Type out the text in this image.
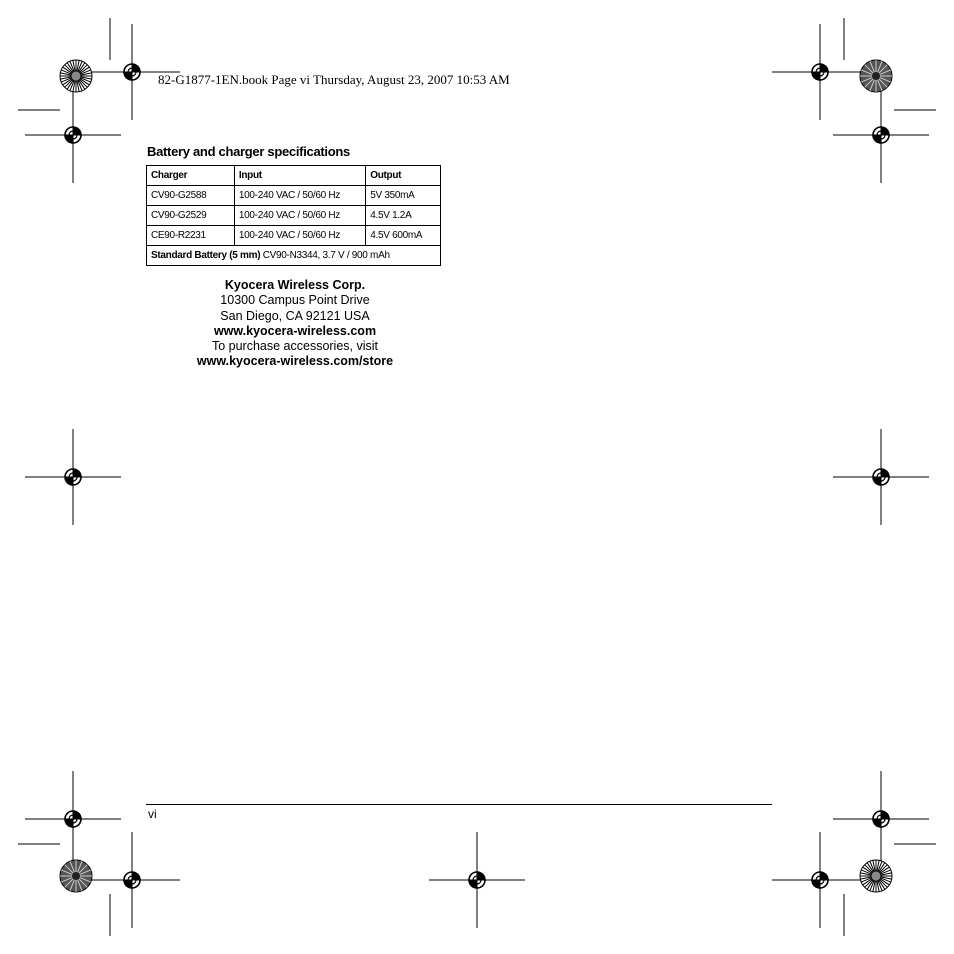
82-G1877-1EN.book Page vi Thursday, August 23, 2007 10:53 AM
Battery and charger specifications
Charger	Input	Output
CV90-G2588	100-240 VAC / 50/60 Hz	5V 350mA
CV90-G2529	100-240 VAC / 50/60 Hz	4.5V 1.2A
CE90-R2231	100-240 VAC / 50/60 Hz	4.5V 600mA
Standard Battery (5 mm) CV90-N3344, 3.7 V / 900 mAh		
Kyocera Wireless Corp.
10300 Campus Point Drive
San Diego, CA 92121 USA
www.kyocera-wireless.com
To purchase accessories, visit
www.kyocera-wireless.com/store
vi
